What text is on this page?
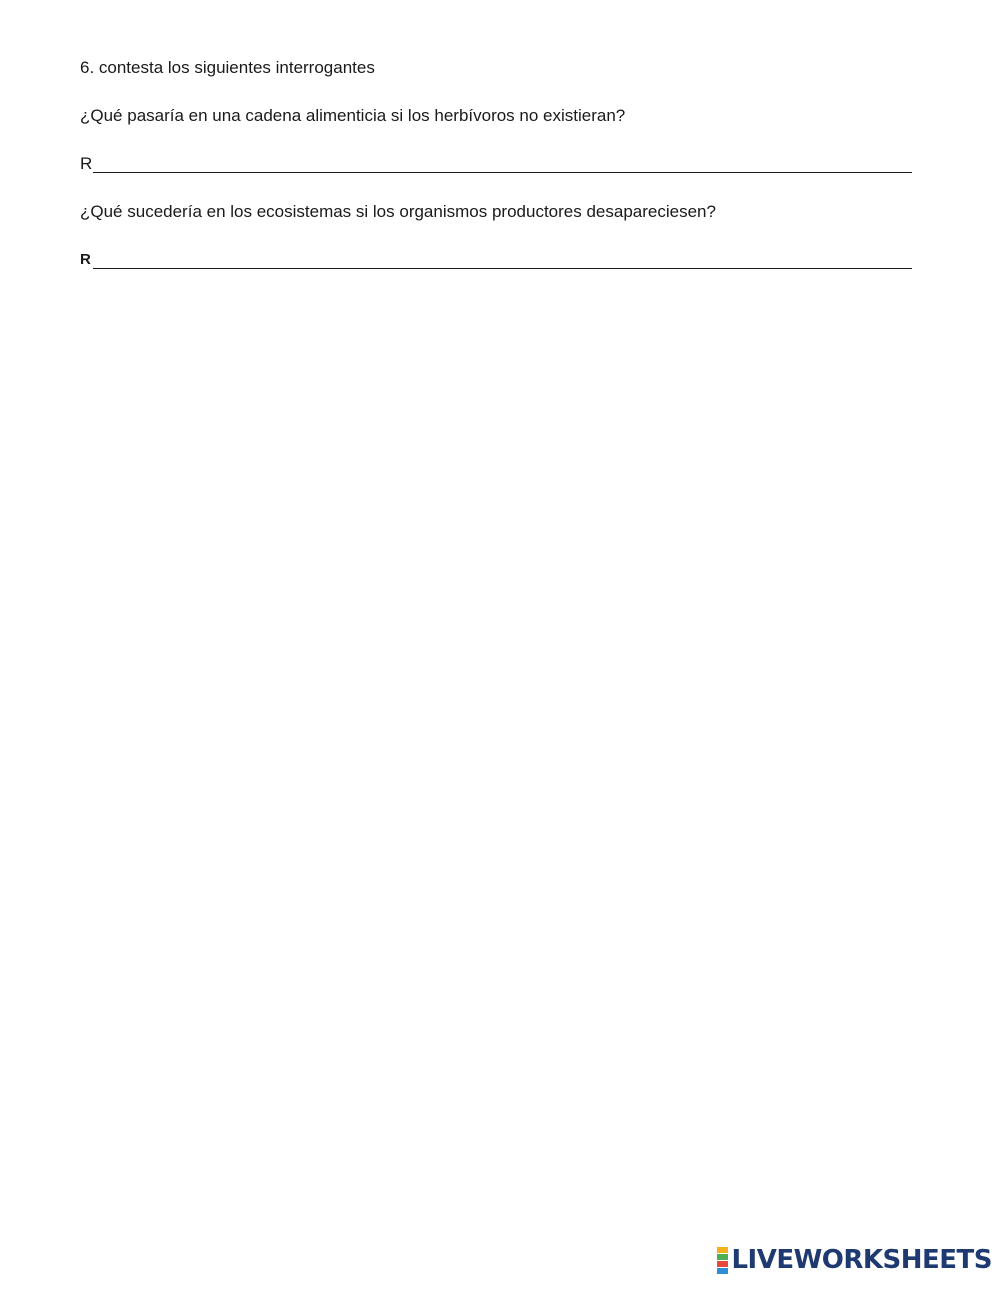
6. contesta los siguientes interrogantes
¿Qué pasaría en una cadena alimenticia si los herbívoros no existieran?
R
¿Qué sucedería en los ecosistemas si los organismos productores desapareciesen?
R
LIVEWORKSHEETS
